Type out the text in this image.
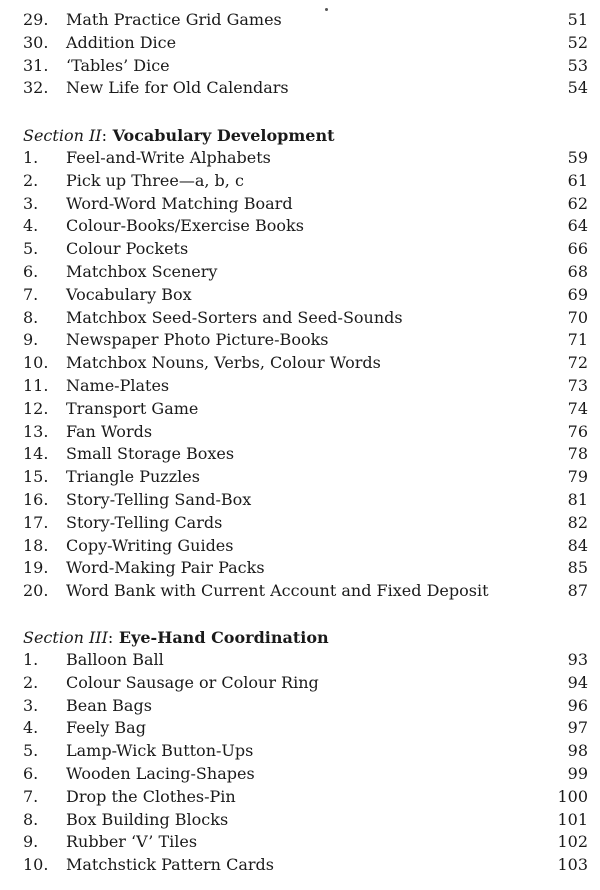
29. Math Practice Grid Games	51
30. Addition Dice	52
31. ‘Tables’ Dice	53
32. New Life for Old Calendars	54
Section II: Vocabulary Development
1. Feel-and-Write Alphabets	59
2. Pick up Three—a, b, c	61
3. Word-Word Matching Board	62
4. Colour-Books/Exercise Books	64
5. Colour Pockets	66
6. Matchbox Scenery	68
7. Vocabulary Box	69
8. Matchbox Seed-Sorters and Seed-Sounds	70
9. Newspaper Photo Picture-Books	71
10. Matchbox Nouns, Verbs, Colour Words	72
11. Name-Plates	73
12. Transport Game	74
13. Fan Words	76
14. Small Storage Boxes	78
15. Triangle Puzzles	79
16. Story-Telling Sand-Box	81
17. Story-Telling Cards	82
18. Copy-Writing Guides	84
19. Word-Making Pair Packs	85
20. Word Bank with Current Account and Fixed Deposit	87
Section III: Eye-Hand Coordination
1. Balloon Ball	93
2. Colour Sausage or Colour Ring	94
3. Bean Bags	96
4. Feely Bag	97
5. Lamp-Wick Button-Ups	98
6. Wooden Lacing-Shapes	99
7. Drop the Clothes-Pin	100
8. Box Building Blocks	101
9. Rubber ‘V’ Tiles	102
10. Matchstick Pattern Cards	103
